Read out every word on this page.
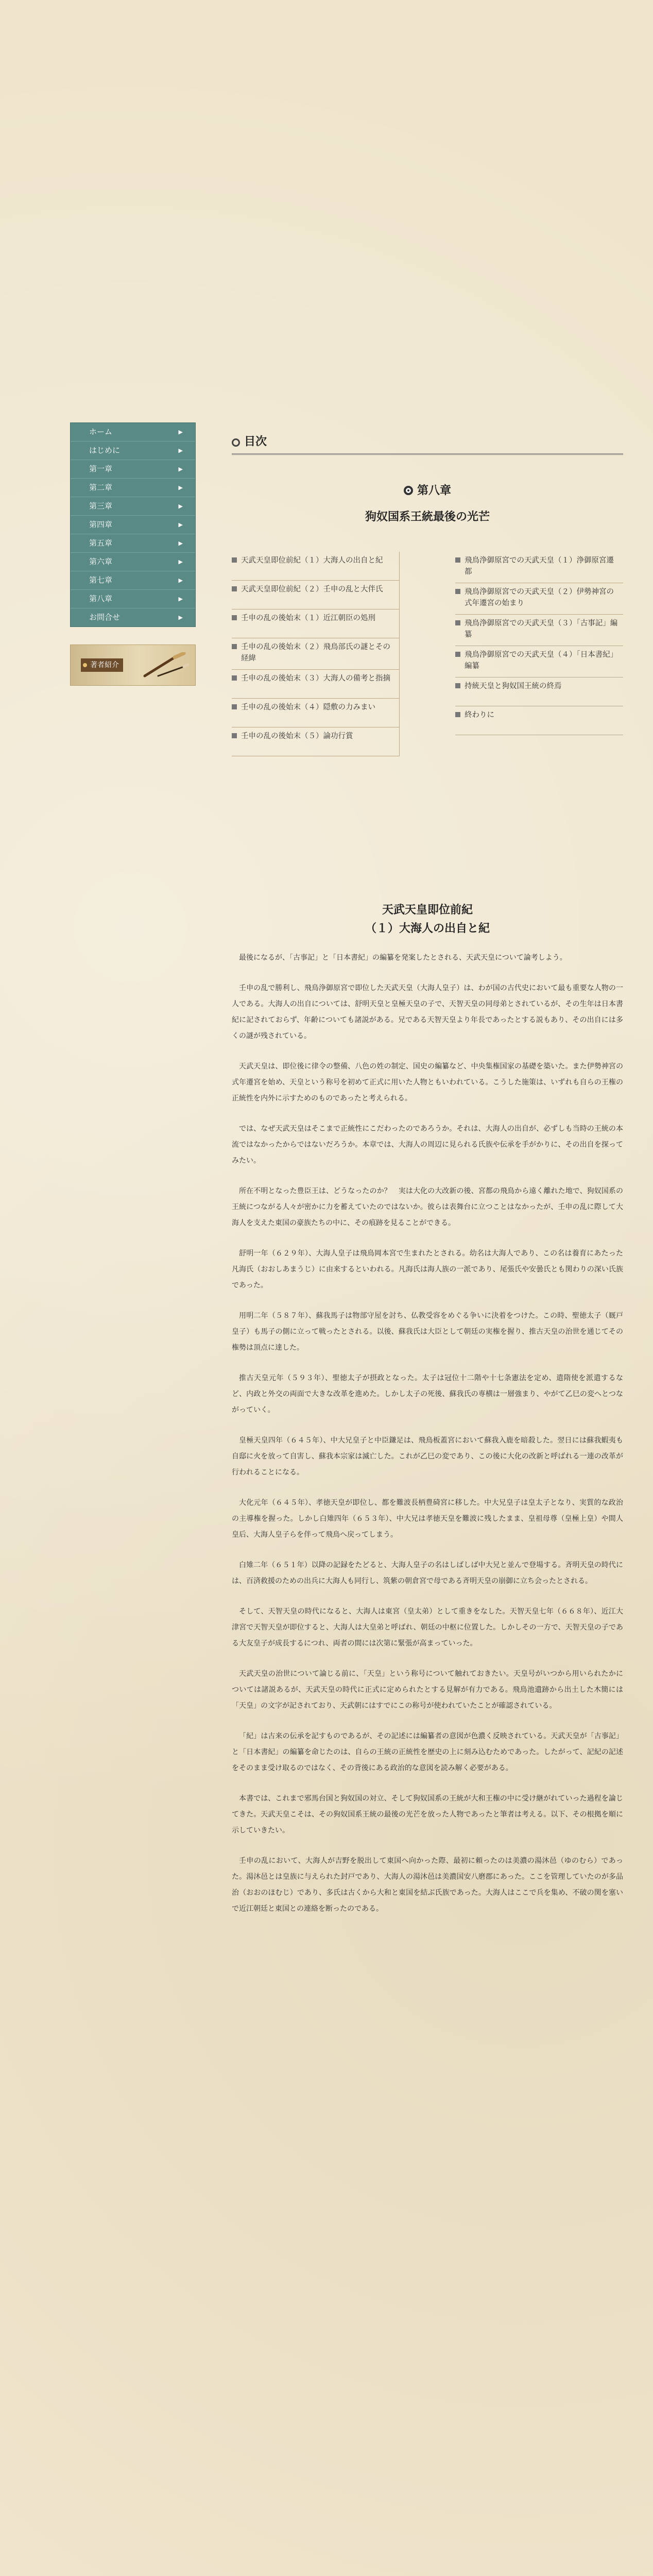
ホーム	▶
はじめに	▶
第一章	▶
第二章	▶
第三章	▶
第四章	▶
第五章	▶
第六章	▶
第七章	▶
第八章	▶
お問合せ	▶
著者紹介
目次
第八章
狗奴国系王統最後の光芒
天武天皇即位前紀（１）大海人の出自と紀
天武天皇即位前紀（２）壬申の乱と大伴氏
壬申の乱の後始末（１）近江朝臣の処刑
壬申の乱の後始末（２）飛鳥部氏の謎とその経緯
壬申の乱の後始末（３）大海人の備考と指摘
壬申の乱の後始末（４）隠敷の力みまい
壬申の乱の後始末（５）論功行賞
飛鳥浄御原宮での天武天皇（１）浄御原宮遷都
飛鳥浄御原宮での天武天皇（２）伊勢神宮の式年遷宮の始まり
飛鳥浄御原宮での天武天皇（３）「古事記」編纂
飛鳥浄御原宮での天武天皇（４）「日本書紀」編纂
持統天皇と狗奴国王統の終焉
終わりに
天武天皇即位前紀
（１）大海人の出自と紀

最後になるが、「古事記」と「日本書紀」の編纂を発案したとされる、天武天皇について論考しよう。

壬申の乱で勝利し、飛鳥浄御原宮で即位した天武天皇（大海人皇子）は、わが国の古代史において最も重要な人物の一人である。大海人の出自については、舒明天皇と皇極天皇の子で、天智天皇の同母弟とされているが、その生年は日本書紀に記されておらず、年齢についても諸説がある。兄である天智天皇より年長であったとする説もあり、その出自には多くの謎が残されている。

天武天皇は、即位後に律令の整備、八色の姓の制定、国史の編纂など、中央集権国家の基礎を築いた。また伊勢神宮の式年遷宮を始め、天皇という称号を初めて正式に用いた人物ともいわれている。こうした施策は、いずれも自らの王権の正統性を内外に示すためのものであったと考えられる。

では、なぜ天武天皇はそこまで正統性にこだわったのであろうか。それは、大海人の出自が、必ずしも当時の王統の本流ではなかったからではないだろうか。本章では、大海人の周辺に見られる氏族や伝承を手がかりに、その出自を探ってみたい。

所在不明となった豊臣王は、どうなったのか？　実は大化の大改新の後、宮都の飛鳥から遠く離れた地で、狗奴国系の王統につながる人々が密かに力を蓄えていたのではないか。彼らは表舞台に立つことはなかったが、壬申の乱に際して大海人を支えた東国の豪族たちの中に、その痕跡を見ることができる。

舒明一年（６２９年）、大海人皇子は飛鳥岡本宮で生まれたとされる。幼名は大海人であり、この名は養育にあたった凡海氏（おおしあまうじ）に由来するといわれる。凡海氏は海人族の一派であり、尾張氏や安曇氏とも関わりの深い氏族であった。

用明二年（５８７年）、蘇我馬子は物部守屋を討ち、仏教受容をめぐる争いに決着をつけた。この時、聖徳太子（厩戸皇子）も馬子の側に立って戦ったとされる。以後、蘇我氏は大臣として朝廷の実権を握り、推古天皇の治世を通じてその権勢は頂点に達した。

推古天皇元年（５９３年）、聖徳太子が摂政となった。太子は冠位十二階や十七条憲法を定め、遣隋使を派遣するなど、内政と外交の両面で大きな改革を進めた。しかし太子の死後、蘇我氏の専横は一層強まり、やがて乙巳の変へとつながっていく。

皇極天皇四年（６４５年）、中大兄皇子と中臣鎌足は、飛鳥板蓋宮において蘇我入鹿を暗殺した。翌日には蘇我蝦夷も自邸に火を放って自害し、蘇我本宗家は滅亡した。これが乙巳の変であり、この後に大化の改新と呼ばれる一連の改革が行われることになる。

大化元年（６４５年）、孝徳天皇が即位し、都を難波長柄豊碕宮に移した。中大兄皇子は皇太子となり、実質的な政治の主導権を握った。しかし白雉四年（６５３年）、中大兄は孝徳天皇を難波に残したまま、皇祖母尊（皇極上皇）や間人皇后、大海人皇子らを伴って飛鳥へ戻ってしまう。

白雉二年（６５１年）以降の記録をたどると、大海人皇子の名はしばしば中大兄と並んで登場する。斉明天皇の時代には、百済救援のための出兵に大海人も同行し、筑紫の朝倉宮で母である斉明天皇の崩御に立ち会ったとされる。

そして、天智天皇の時代になると、大海人は東宮（皇太弟）として重きをなした。天智天皇七年（６６８年）、近江大津宮で天智天皇が即位すると、大海人は大皇弟と呼ばれ、朝廷の中枢に位置した。しかしその一方で、天智天皇の子である大友皇子が成長するにつれ、両者の間には次第に緊張が高まっていった。

天武天皇の治世について論じる前に、「天皇」という称号について触れておきたい。天皇号がいつから用いられたかについては諸説あるが、天武天皇の時代に正式に定められたとする見解が有力である。飛鳥池遺跡から出土した木簡には「天皇」の文字が記されており、天武朝にはすでにこの称号が使われていたことが確認されている。

「紀」は古来の伝承を記すものであるが、その記述には編纂者の意図が色濃く反映されている。天武天皇が「古事記」と「日本書紀」の編纂を命じたのは、自らの王統の正統性を歴史の上に刻み込むためであった。したがって、記紀の記述をそのまま受け取るのではなく、その背後にある政治的な意図を読み解く必要がある。

本書では、これまで邪馬台国と狗奴国の対立、そして狗奴国系の王統が大和王権の中に受け継がれていった過程を論じてきた。天武天皇こそは、その狗奴国系王統の最後の光芒を放った人物であったと筆者は考える。以下、その根拠を順に示していきたい。

壬申の乱において、大海人が吉野を脱出して東国へ向かった際、最初に頼ったのは美濃の湯沐邑（ゆのむら）であった。湯沐邑とは皇族に与えられた封戸であり、大海人の湯沐邑は美濃国安八磨郡にあった。ここを管理していたのが多品治（おおのほむじ）であり、多氏は古くから大和と東国を結ぶ氏族であった。大海人はここで兵を集め、不破の関を塞いで近江朝廷と東国との連絡を断ったのである。
